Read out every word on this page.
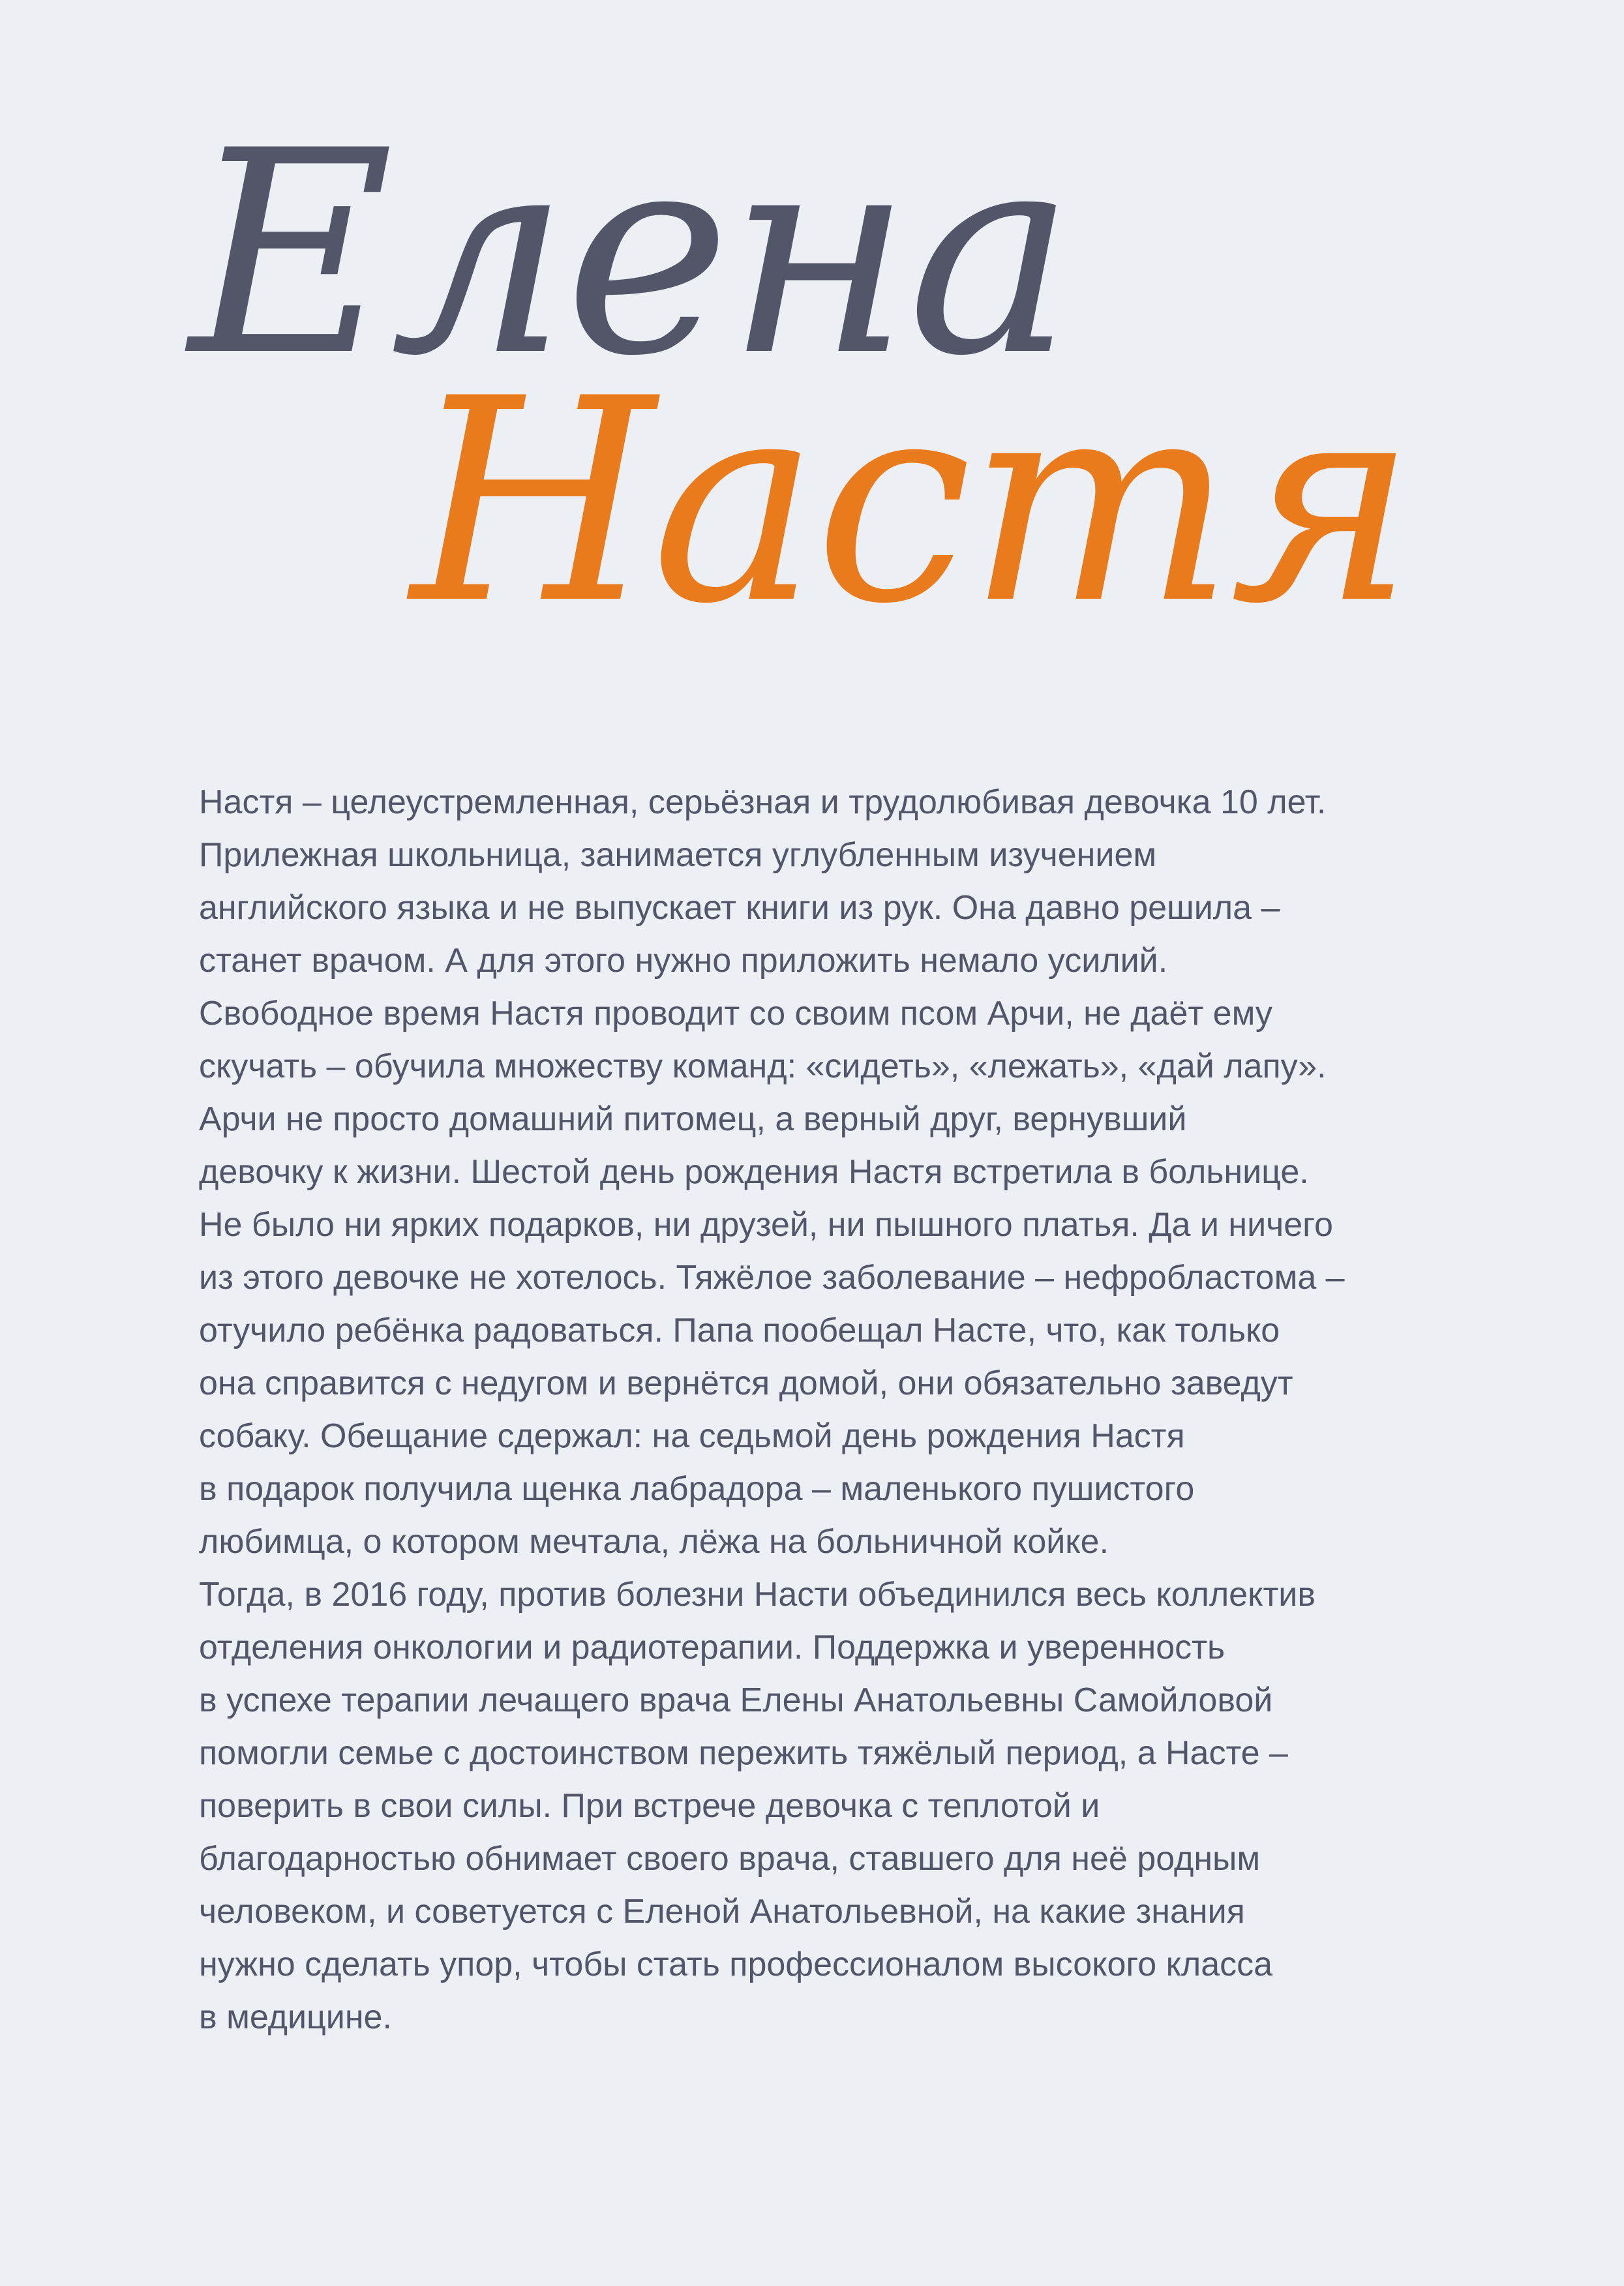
Елена
Настя
Настя – целеустремленная, серьёзная и трудолюбивая девочка 10 лет.
Прилежная школьница, занимается углубленным изучением
английского языка и не выпускает книги из рук. Она давно решила –
станет врачом. А для этого нужно приложить немало усилий.
Свободное время Настя проводит со своим псом Арчи, не даёт ему
скучать – обучила множеству команд: «сидеть», «лежать», «дай лапу».
Арчи не просто домашний питомец, а верный друг, вернувший
девочку к жизни. Шестой день рождения Настя встретила в больнице.
Не было ни ярких подарков, ни друзей, ни пышного платья. Да и ничего
из этого девочке не хотелось. Тяжёлое заболевание – нефробластома –
отучило ребёнка радоваться. Папа пообещал Насте, что, как только
она справится с недугом и вернётся домой, они обязательно заведут
собаку. Обещание сдержал: на седьмой день рождения Настя
в подарок получила щенка лабрадора – маленького пушистого
любимца, о котором мечтала, лёжа на больничной койке.
Тогда, в 2016 году, против болезни Насти объединился весь коллектив
отделения онкологии и радиотерапии. Поддержка и уверенность
в успехе терапии лечащего врача Елены Анатольевны Самойловой
помогли семье с достоинством пережить тяжёлый период, а Насте –
поверить в свои силы. При встрече девочка с теплотой и
благодарностью обнимает своего врача, ставшего для неё родным
человеком, и советуется с Еленой Анатольевной, на какие знания
нужно сделать упор, чтобы стать профессионалом высокого класса
в медицине.
